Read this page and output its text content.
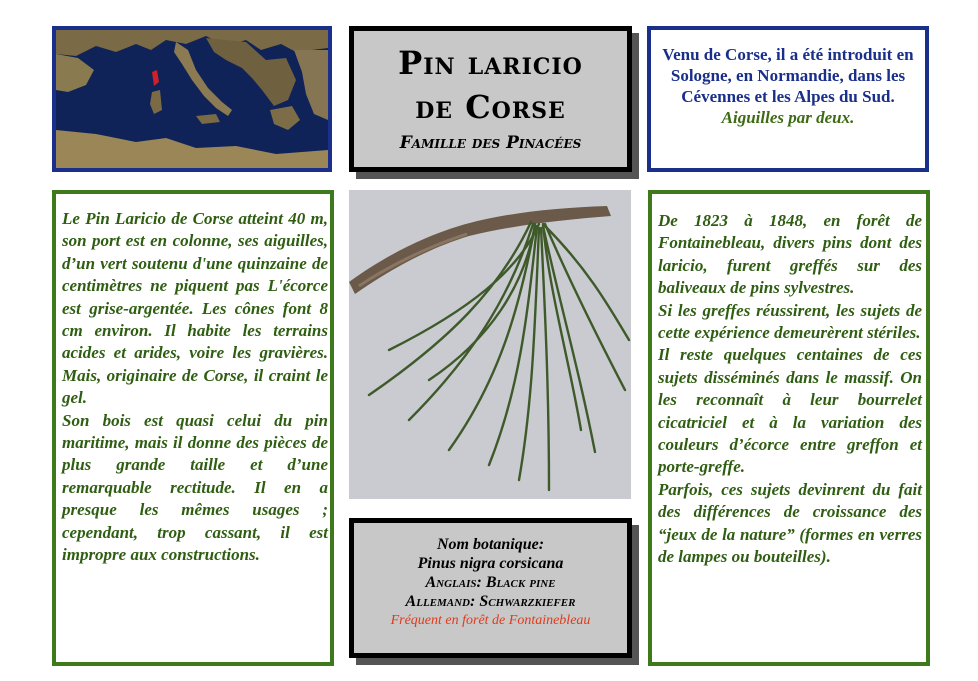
Pin laricio
de Corse
Famille des Pinacées
Venu de Corse, il a été introduit en Sologne, en Normandie, dans les Cévennes et les Alpes du Sud.
Aiguilles par deux.

Le Pin Laricio de Corse atteint 40 m, son port est en colonne, ses aiguilles, d’un vert soutenu d'une quinzaine de centimètres ne piquent pas L'écorce est grise-argentée. Les cônes font 8 cm environ. Il habite les terrains acides et arides, voire les gravières. Mais, originaire de Corse, il craint le gel.

Son bois est quasi celui du pin maritime, mais il donne des pièces de plus grande taille et d’une remarquable rectitude. Il en a presque les mêmes usages ; cependant, trop cassant, il est impropre aux constructions.

Nom botanique:
Pinus nigra corsicana
Anglais: Black pine
Allemand: Schwarzkiefer
Fréquent en forêt de Fontainebleau

De 1823 à 1848, en forêt de Fontainebleau, divers pins dont des laricio, furent greffés sur des baliveaux de pins sylvestres.

Si les greffes réussirent, les sujets de cette expérience demeurèrent stériles.

Il reste quelques centaines de ces sujets disséminés dans le massif. On les reconnaît à leur bourrelet cicatriciel et à la variation des couleurs d’écorce entre greffon et porte-greffe.

Parfois, ces sujets devinrent du fait des différences de croissance des “jeux de la nature” (formes en verres de lampes ou bouteilles).
